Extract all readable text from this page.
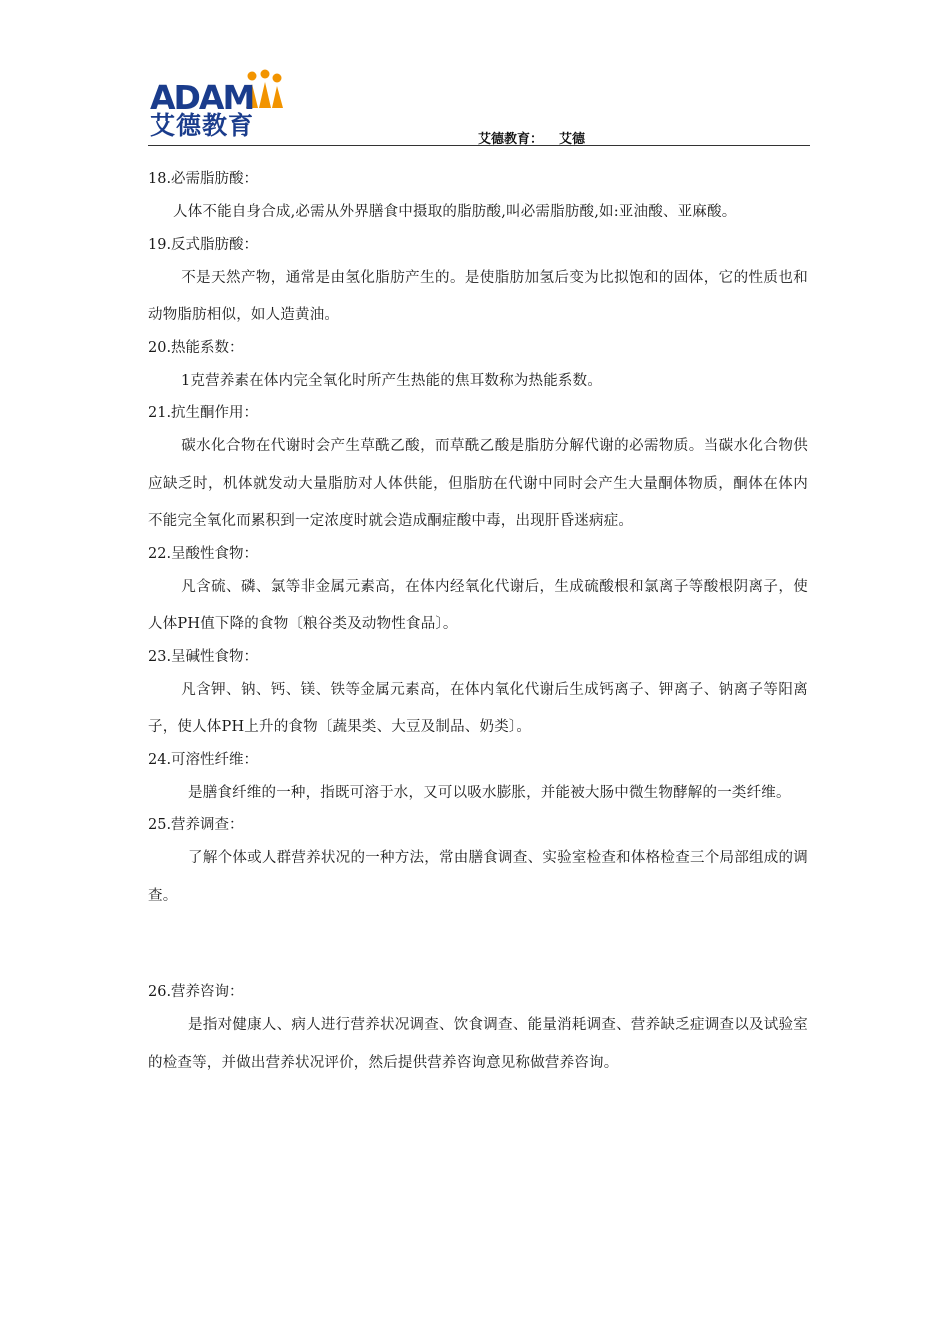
ADAM
艾德教育	艾德教育： 艾德
18.必需脂肪酸：
人体不能自身合成,必需从外界膳食中摄取的脂肪酸,叫必需脂肪酸,如:亚油酸、亚麻酸。
19.反式脂肪酸：
不是天然产物，通常是由氢化脂肪产生的。是使脂肪加氢后变为比拟饱和的固体，它的性质也和动物脂肪相似，如人造黄油。
20.热能系数：
1克营养素在体内完全氧化时所产生热能的焦耳数称为热能系数。
21.抗生酮作用：
碳水化合物在代谢时会产生草酰乙酸，而草酰乙酸是脂肪分解代谢的必需物质。当碳水化合物供应缺乏时，机体就发动大量脂肪对人体供能，但脂肪在代谢中同时会产生大量酮体物质，酮体在体内不能完全氧化而累积到一定浓度时就会造成酮症酸中毒，出现肝昏迷病症。
22.呈酸性食物：
凡含硫、磷、氯等非金属元素高，在体内经氧化代谢后，生成硫酸根和氯离子等酸根阴离子，使人体PH值下降的食物〔粮谷类及动物性食品〕。
23.呈碱性食物：
凡含钾、钠、钙、镁、铁等金属元素高，在体内氧化代谢后生成钙离子、钾离子、钠离子等阳离子，使人体PH上升的食物〔蔬果类、大豆及制品、奶类〕。
24.可溶性纤维：
是膳食纤维的一种，指既可溶于水，又可以吸水膨胀，并能被大肠中微生物酵解的一类纤维。
25.营养调查：
了解个体或人群营养状况的一种方法，常由膳食调查、实验室检查和体格检查三个局部组成的调查。
26.营养咨询：
是指对健康人、病人进行营养状况调查、饮食调查、能量消耗调查、营养缺乏症调查以及试验室的检查等，并做出营养状况评价，然后提供营养咨询意见称做营养咨询。
